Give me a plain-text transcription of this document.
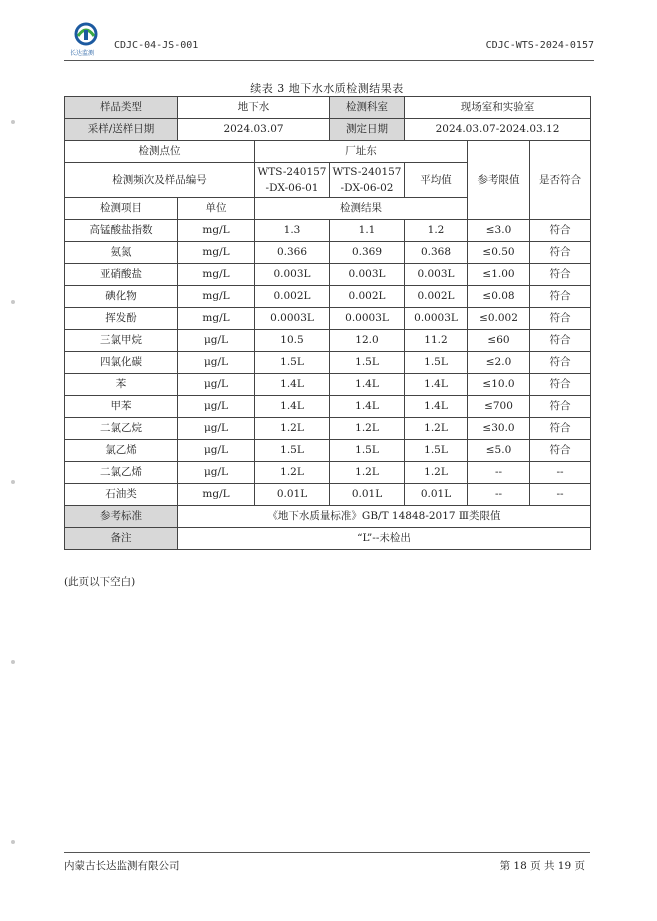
长达监测
CDJC-04-JS-001	CDJC-WTS-2024-0157
续表 3 地下水水质检测结果表
样品类型	地下水		检测科室	现场室和实验室		
采样/送样日期	2024.03.07		测定日期	2024.03.07-2024.03.12		
检测点位		厂址东			参考限值	是否符合
检测频次及样品编号		WTS-240157-DX-06-01	WTS-240157-DX-06-02	平均值		
检测项目	单位	检测结果				
高锰酸盐指数	mg/L	1.3	1.1	1.2	≤3.0	符合
氨氮	mg/L	0.366	0.369	0.368	≤0.50	符合
亚硝酸盐	mg/L	0.003L	0.003L	0.003L	≤1.00	符合
碘化物	mg/L	0.002L	0.002L	0.002L	≤0.08	符合
挥发酚	mg/L	0.0003L	0.0003L	0.0003L	≤0.002	符合
三氯甲烷	μg/L	10.5	12.0	11.2	≤60	符合
四氯化碳	μg/L	1.5L	1.5L	1.5L	≤2.0	符合
苯	μg/L	1.4L	1.4L	1.4L	≤10.0	符合
甲苯	μg/L	1.4L	1.4L	1.4L	≤700	符合
二氯乙烷	μg/L	1.2L	1.2L	1.2L	≤30.0	符合
氯乙烯	μg/L	1.5L	1.5L	1.5L	≤5.0	符合
二氯乙烯	μg/L	1.2L	1.2L	1.2L	--	--
石油类	mg/L	0.01L	0.01L	0.01L	--	--
参考标准	《地下水质量标准》GB/T 14848-2017 Ⅲ类限值					
备注	“L”--未检出					
(此页以下空白)
内蒙古长达监测有限公司	第 18 页 共 19 页
